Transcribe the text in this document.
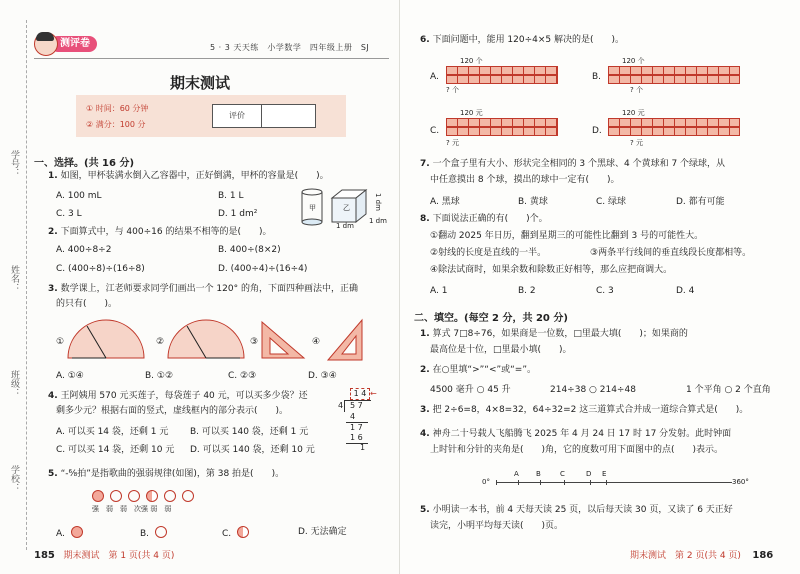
学号：
姓名：
班级：
学校：
测评卷	5 · 3 天天练　小学数学　四年级上册　SJ
期末测试
① 时间：60 分钟
② 满分：100 分
评价
一、选择。(共 16 分)
1. 如图，甲杯装满水倒入乙容器中，正好倒满，甲杯的容量是(　　)。
A. 100 mL	B. 1 L
C. 3 L	D. 1 dm²
甲	乙
1 dm
1 dm
1 dm
2. 下面算式中，与 400÷16 的结果不相等的是(　　)。
A. 400÷8÷2	B. 400÷(8×2)
C. (400÷8)÷(16÷8)	D. (400÷4)÷(16÷4)
3. 数学课上，江老师要求同学们画出一个 120° 的角，下面四种画法中，正确
的只有(　　)。
①	②	③	④
A. ①④	B. ①②	C. ②③	D. ③④
4. 王阿姨用 570 元买莲子，每袋莲子 40 元，可以买多少袋？还
剩多少元？根据右面的竖式，虚线框内的部分表示(　　)。
A. 可以买 14 袋，还剩 1 元 B. 可以买 140 袋，还剩 1 元
C. 可以买 14 袋，还剩 10 元 D. 可以买 140 袋，还剩 10 元
1 4
4 5 7
4
1 7
1 6
1
←
5. “-⁶⁄₈拍”是指歌曲的强弱规律(如图)，第 38 拍是(　　)。
强　弱　弱　次强 弱　弱
A.	B.	C.	D. 无法确定
185 期末测试　第 1 页(共 4 页)
6. 下面问题中，能用 120÷4×5 解决的是(　　)。
A.
120 个
? 个
B.
120 个
? 个
C.
120 元
? 元
D.
120 元
? 元
7. 一个盒子里有大小、形状完全相同的 3 个黑球、4 个黄球和 7 个绿球，从
中任意摸出 8 个球，摸出的球中一定有(　　)。
A. 黑球	B. 黄球	C. 绿球	D. 都有可能
8. 下面说法正确的有(　　)个。
①翻动 2025 年日历，翻到星期三的可能性比翻到 3 号的可能性大。
②射线的长度是直线的一半。	③两条平行线间的垂直线段长度都相等。
④除法试商时，如果余数和除数正好相等，那么应把商调大。
A. 1	B. 2	C. 3	D. 4
二、填空。(每空 2 分，共 20 分)
1. 算式 7□8÷76，如果商是一位数，□里最大填(　　)；如果商的
最高位是十位，□里最小填(　　)。
2. 在○里填“>”“<”或“=”。
4500 毫升 ○ 45 升	214÷38 ○ 214÷48	1 个平角 ○ 2 个直角
3. 把 2÷6=8，4×8=32，64÷32=2 这三道算式合并成一道综合算式是(　　)。
4. 神舟二十号载人飞船腾飞 2025 年 4 月 24 日 17 时 17 分发射。此时钟面
上时针和分针的夹角是(　　)角，它的度数可用下面图中的点(　　)表示。
0°	360°
A B	C	D E
5. 小明读一本书，前 4 天每天读 25 页，以后每天读 30 页，又读了 6 天正好
读完，小明平均每天读(　　)页。
期末测试　第 2 页(共 4 页) 186
